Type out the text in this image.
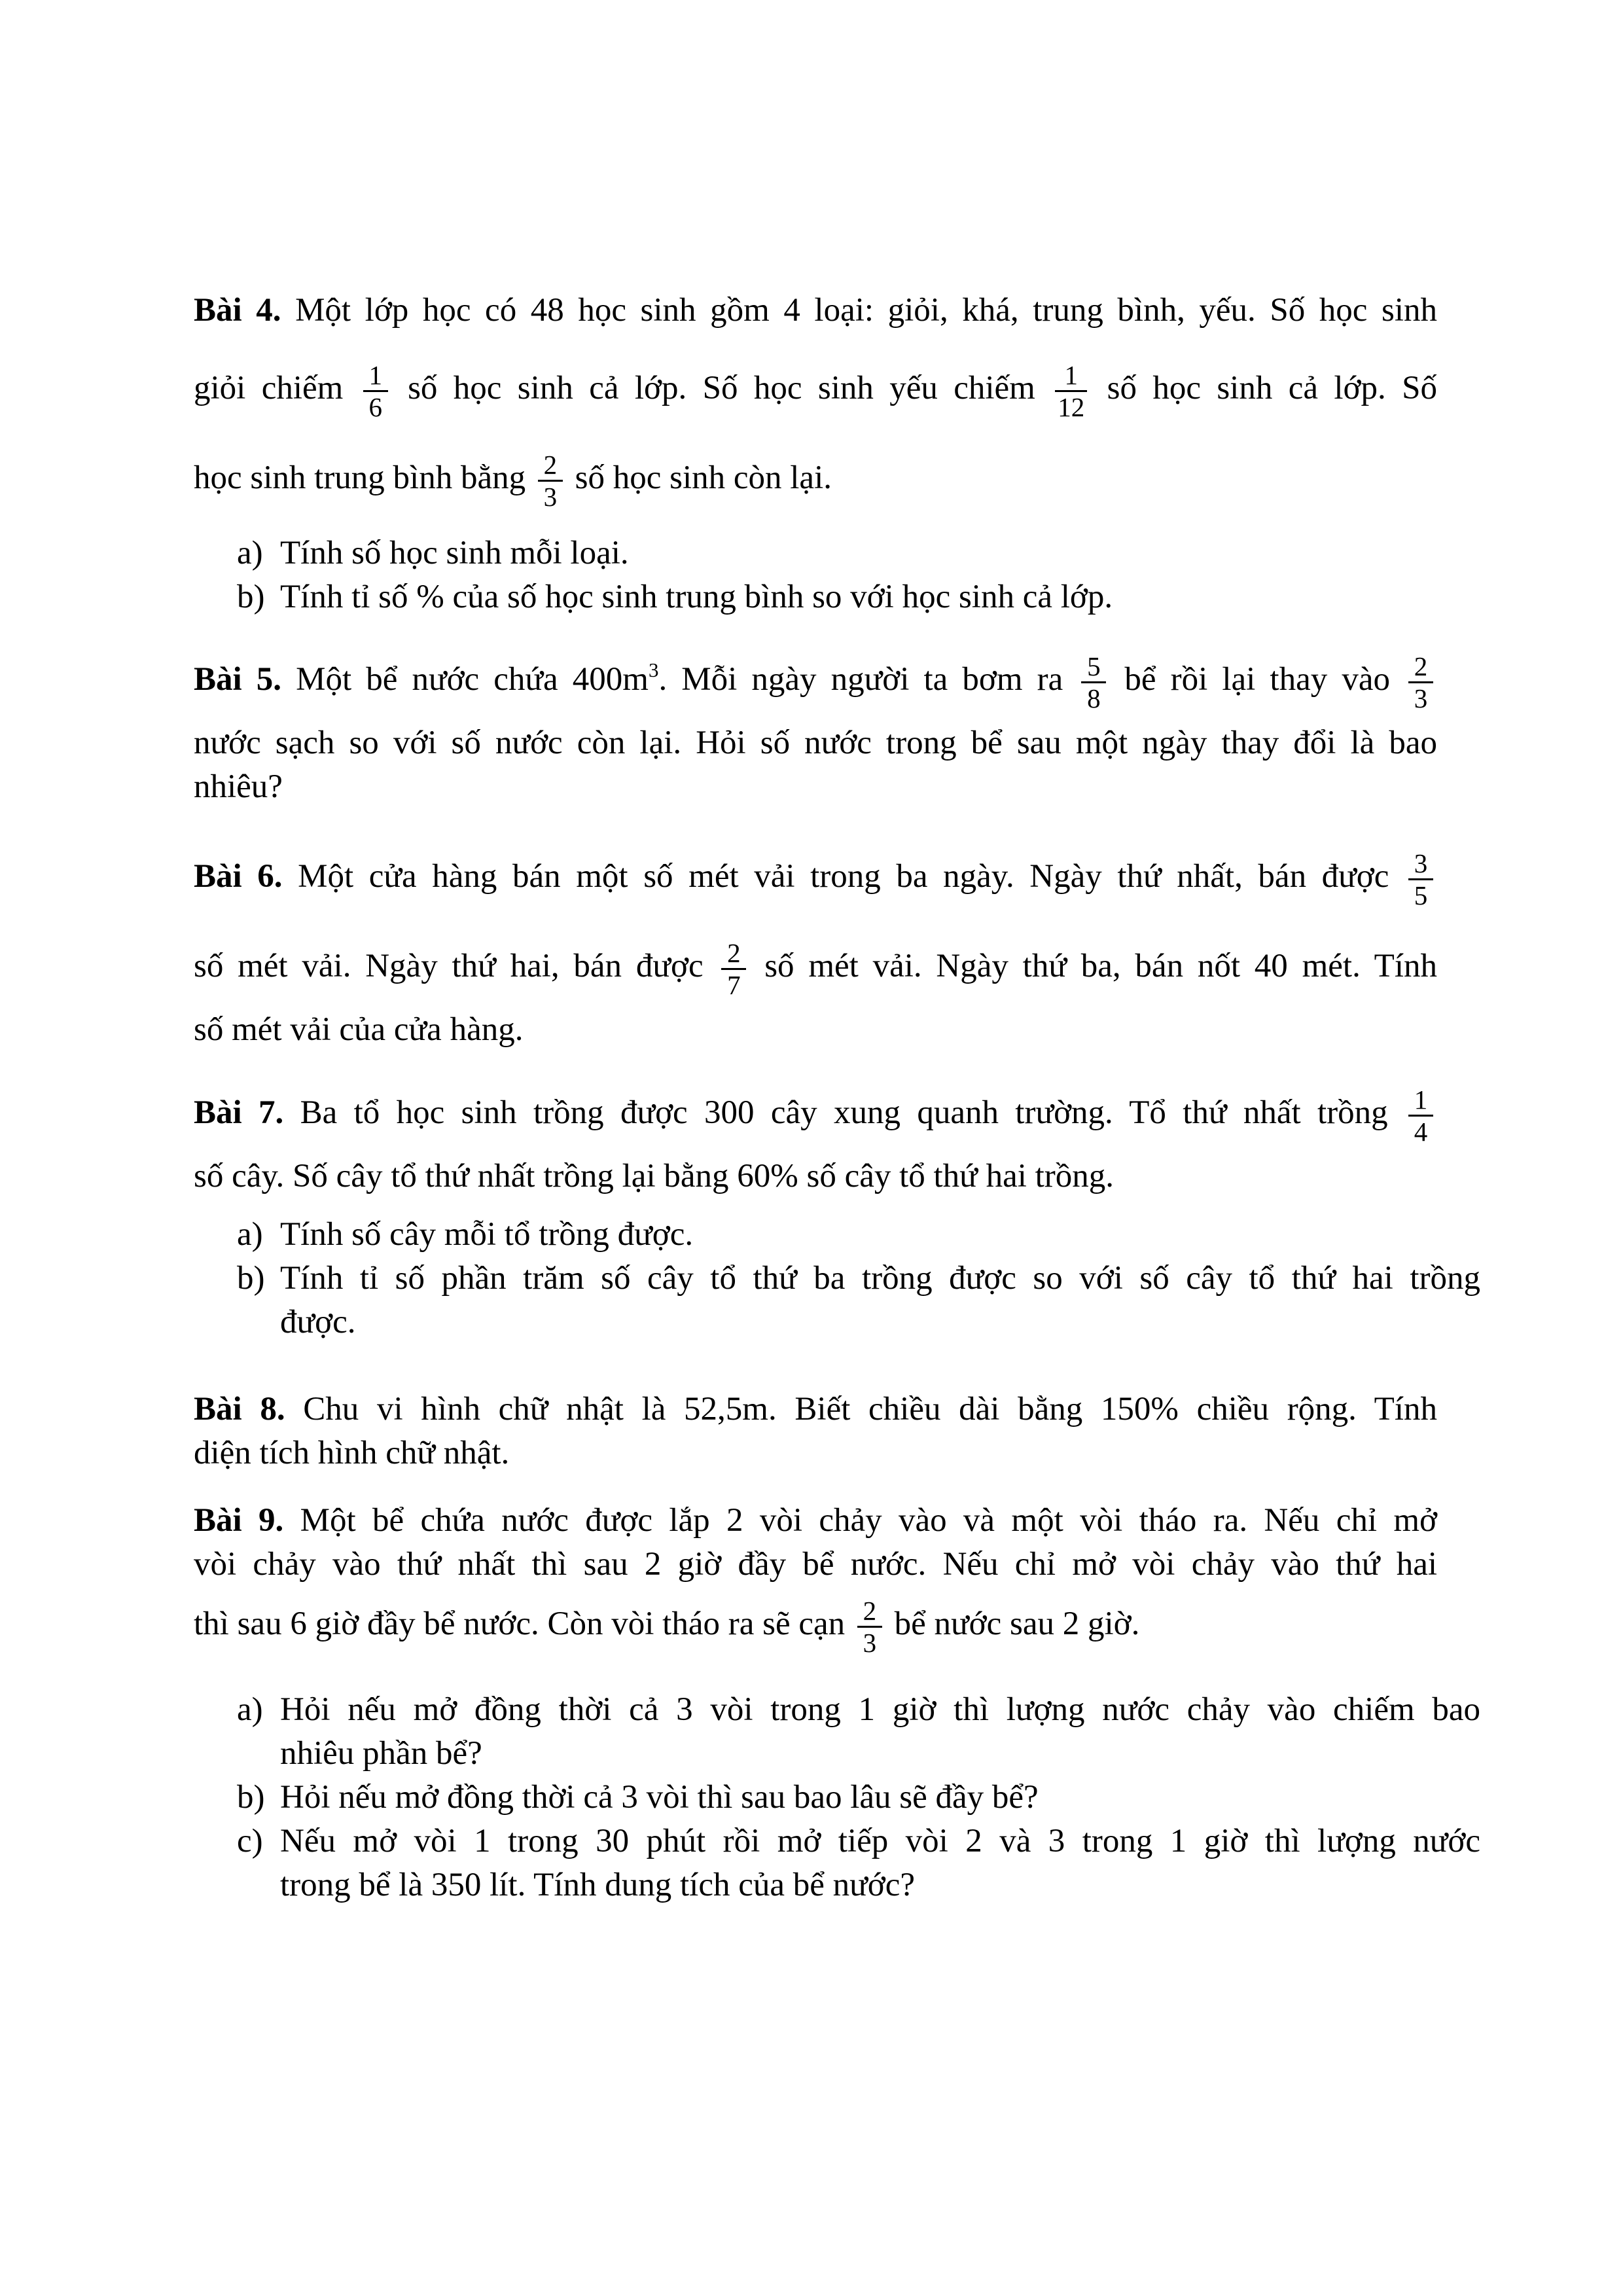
Bài 4. Một lớp học có 48 học sinh gồm 4 loại: giỏi, khá, trung bình, yếu. Số học sinh

giỏi chiếm $\frac{1}{6}$ số học sinh cả lớp. Số học sinh yếu chiếm $\frac{1}{12}$ số học sinh cả lớp. Số

học sinh trung bình bằng $\frac{2}{3}$ số học sinh còn lại.

a) Tính số học sinh mỗi loại.
b) Tính tỉ số % của số học sinh trung bình so với học sinh cả lớp.

Bài 5. Một bể nước chứa $400m^3$. Mỗi ngày người ta bơm ra $\frac{5}{8}$ bể rồi lại thay vào $\frac{2}{3}$

nước sạch so với số nước còn lại. Hỏi số nước trong bể sau một ngày thay đổi là bao

nhiêu?

Bài 6. Một cửa hàng bán một số mét vải trong ba ngày. Ngày thứ nhất, bán được $\frac{3}{5}$

số mét vải. Ngày thứ hai, bán được $\frac{2}{7}$ số mét vải. Ngày thứ ba, bán nốt 40 mét. Tính

số mét vải của cửa hàng.

Bài 7. Ba tổ học sinh trồng được 300 cây xung quanh trường. Tổ thứ nhất trồng $\frac{1}{4}$

số cây. Số cây tổ thứ nhất trồng lại bằng 60% số cây tổ thứ hai trồng.

a) Tính số cây mỗi tổ trồng được.
b) Tính tỉ số phần trăm số cây tổ thứ ba trồng được so với số cây tổ thứ hai trồng
được.

Bài 8. Chu vi hình chữ nhật là 52,5m. Biết chiều dài bằng 150% chiều rộng. Tính

diện tích hình chữ nhật.

Bài 9. Một bể chứa nước được lắp 2 vòi chảy vào và một vòi tháo ra. Nếu chỉ mở

vòi chảy vào thứ nhất thì sau 2 giờ đầy bể nước. Nếu chỉ mở vòi chảy vào thứ hai

thì sau 6 giờ đầy bể nước. Còn vòi tháo ra sẽ cạn $\frac{2}{3}$ bể nước sau 2 giờ.

a) Hỏi nếu mở đồng thời cả 3 vòi trong 1 giờ thì lượng nước chảy vào chiếm bao
nhiêu phần bể?
b) Hỏi nếu mở đồng thời cả 3 vòi thì sau bao lâu sẽ đầy bể?
c) Nếu mở vòi 1 trong 30 phút rồi mở tiếp vòi 2 và 3 trong 1 giờ thì lượng nước
trong bể là 350 lít. Tính dung tích của bể nước?
